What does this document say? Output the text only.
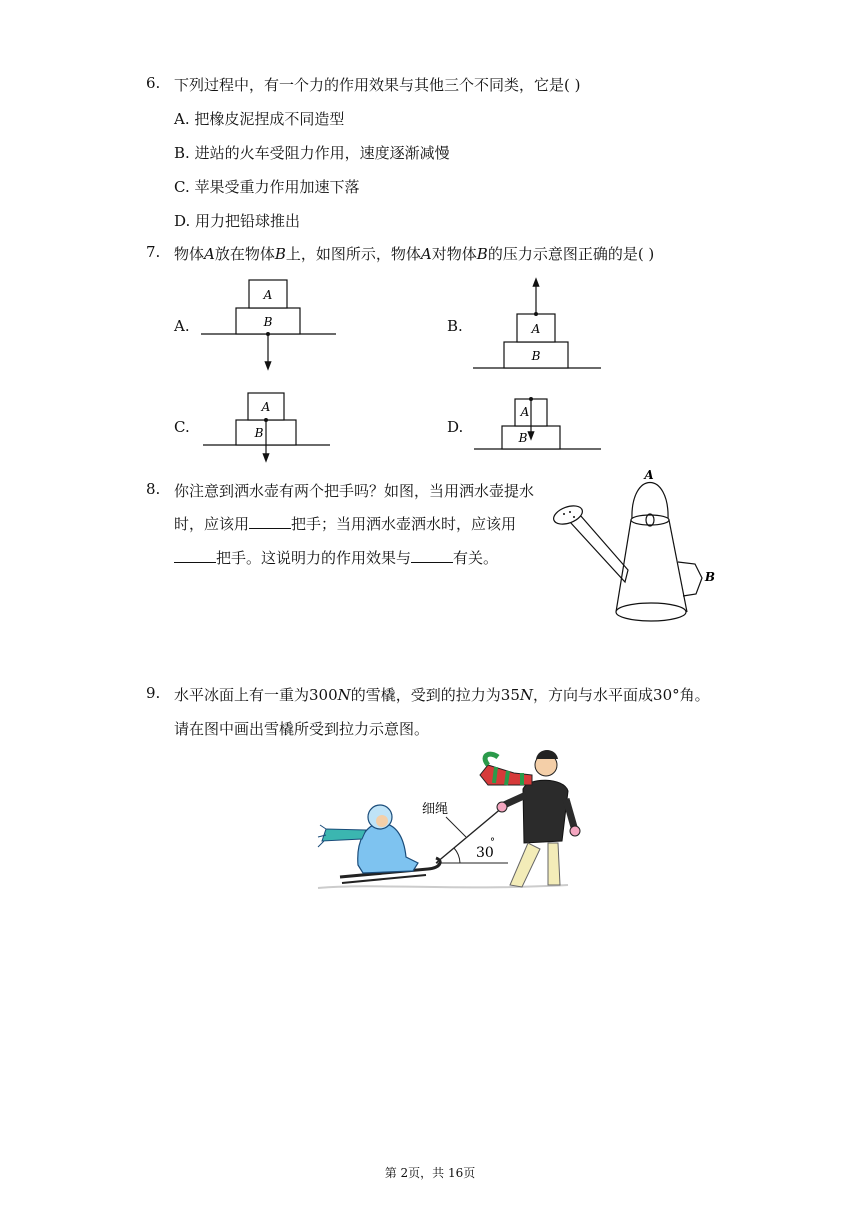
6. 下列过程中，有一个力的作用效果与其他三个不同类，它是( )
A. 把橡皮泥捏成不同造型
B. 进站的火车受阻力作用，速度逐渐减慢
C. 苹果受重力作用加速下落
D. 用力把铅球推出
7. 物体A放在物体B上，如图所示，物体A对物体B的压力示意图正确的是( )
A.	B.
C.	D.
A
B	A
B
A
B
A
B
8. 你注意到洒水壶有两个把手吗？如图，当用洒水壶提水
时，应该用	把手；当用洒水壶洒水时，应该用
把手。这说明力的作用效果与	有关。
A
B
9. 水平冰面上有一重为300N的雪橇，受到的拉力为35N，方向与水平面成30°角。
请在图中画出雪橇所受到拉力示意图。
细绳
30
°
第 2页，共 16页
